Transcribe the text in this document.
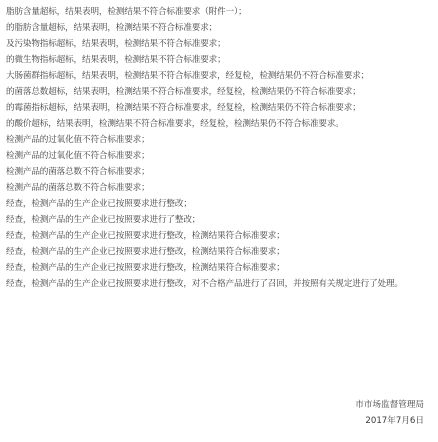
脂肪含量超标，结果表明，检测结果不符合标准要求（附件一）；
的脂肪含量超标，结果表明，检测结果不符合标准要求；
及污染物指标超标，结果表明，检测结果不符合标准要求；
的微生物指标超标，结果表明，检测结果不符合标准要求；
大肠菌群指标超标，结果表明，检测结果不符合标准要求，经复检，检测结果仍不符合标准要求；
的菌落总数超标，结果表明，检测结果不符合标准要求，经复检，检测结果仍不符合标准要求；
的霉菌指标超标，结果表明，检测结果不符合标准要求，经复检，检测结果仍不符合标准要求；
的酸价超标，结果表明，检测结果不符合标准要求，经复检，检测结果仍不符合标准要求。
检测产品的过氧化值不符合标准要求；
检测产品的过氧化值不符合标准要求；
检测产品的菌落总数不符合标准要求；
检测产品的菌落总数不符合标准要求；
经查，检测产品的生产企业已按照要求进行整改；
经查，检测产品的生产企业已按照要求进行了整改；
经查，检测产品的生产企业已按照要求进行整改，检测结果符合标准要求；
经查，检测产品的生产企业已按照要求进行整改，检测结果符合标准要求；
经查，检测产品的生产企业已按照要求进行整改，检测结果符合标准要求；
经查，检测产品的生产企业已按照要求进行整改，对不合格产品进行了召回，并按照有关规定进行了处理。
市市场监督管理局
2017年7月6日
